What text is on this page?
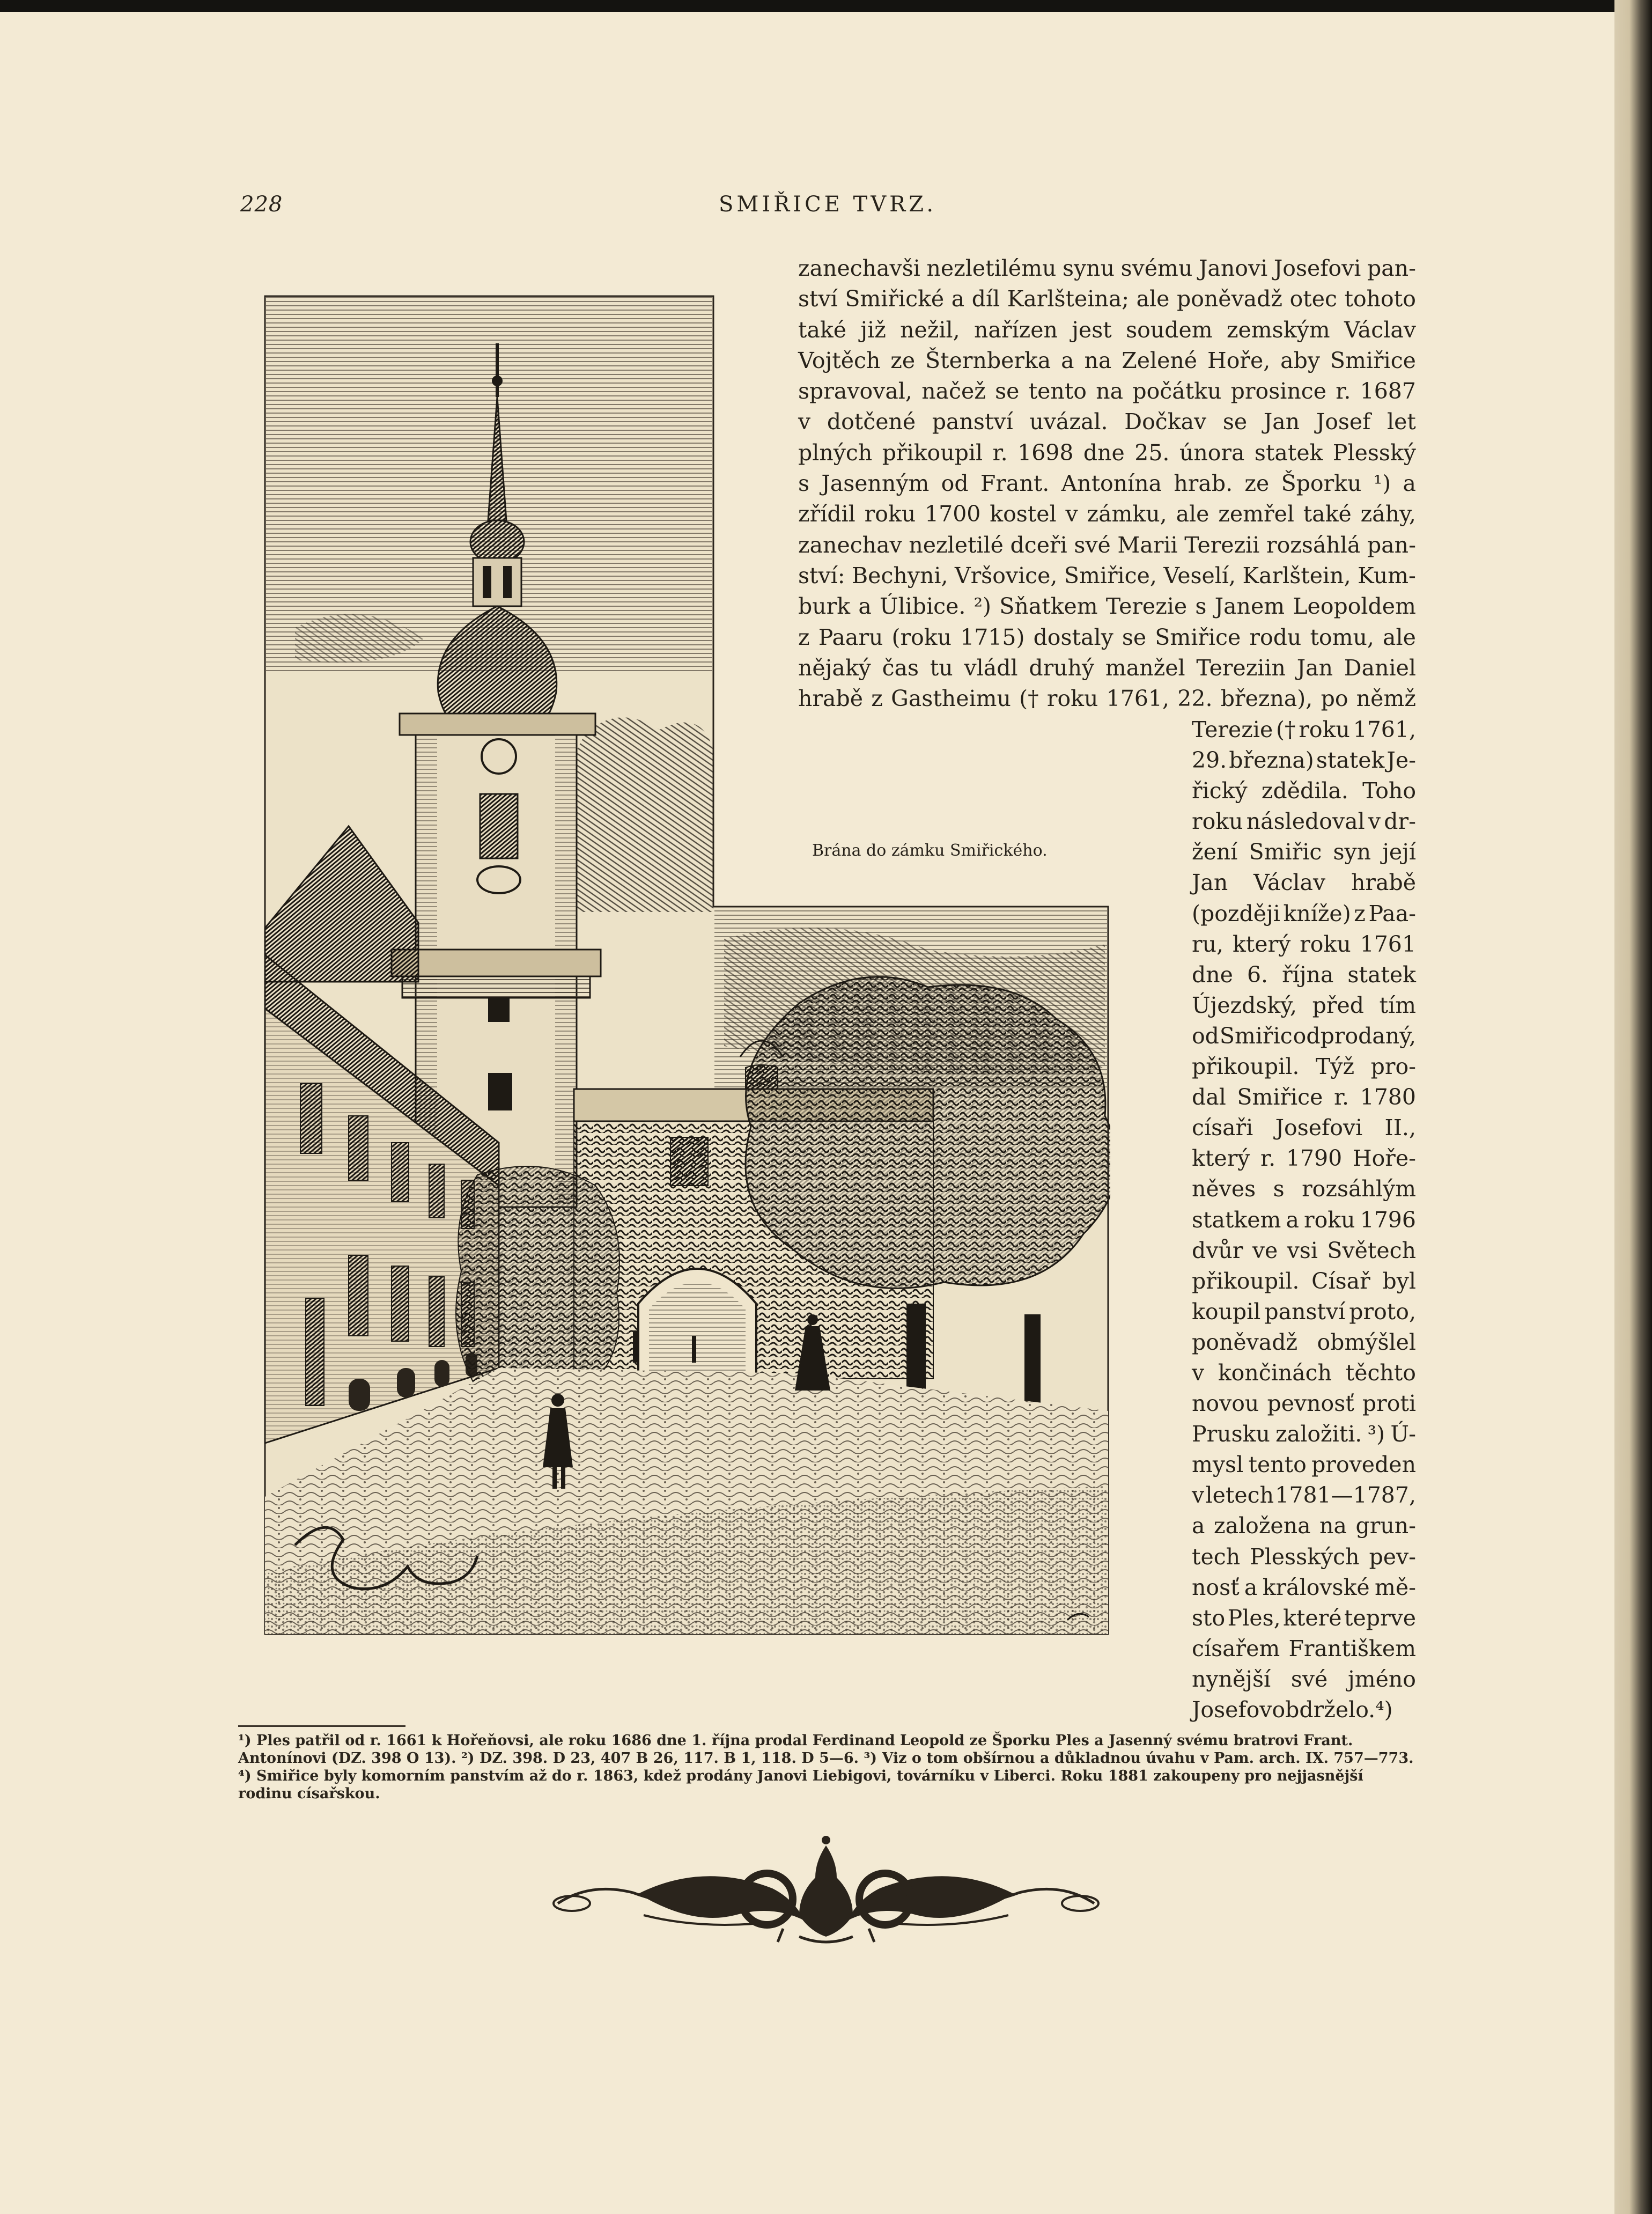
228	SMIŘICE TVRZ.
zanechavši nezletilému synu svému Janovi Josefovi pan-
ství Smiřické a díl Karlšteina; ale poněvadž otec tohoto
také již nežil, nařízen jest soudem zemským Václav
Vojtěch ze Šternberka a na Zelené Hoře, aby Smiřice
spravoval, načež se tento na počátku prosince r. 1687
v dotčené panství uvázal. Dočkav se Jan Josef let
plných přikoupil r. 1698 dne 25. února statek Plesský
s Jasenným od Frant. Antonína hrab. ze Šporku ¹) a
zřídil roku 1700 kostel v zámku, ale zemřel také záhy,
zanechav nezletilé dceři své Marii Terezii rozsáhlá pan-
ství: Bechyni, Vršovice, Smiřice, Veselí, Karlštein, Kum-
burk a Úlibice. ²) Sňatkem Terezie s Janem Leopoldem
z Paaru (roku 1715) dostaly se Smiřice rodu tomu, ale
nějaký čas tu vládl druhý manžel Tereziin Jan Daniel
hrabě z Gastheimu († roku 1761, 22. března), po němž
Terezie († roku 1761,
29. března) statek Je-
řický zdědila. Toho
roku následoval v dr-
žení Smiřic syn její
Jan Václav hrabě
(později kníže) z Paa-
ru, který roku 1761
dne 6. října statek
Újezdský, před tím
od Smiřic odprodaný,
přikoupil. Týž pro-
dal Smiřice r. 1780
císaři Josefovi II.,
který r. 1790 Hoře-
něves s rozsáhlým
statkem a roku 1796
dvůr ve vsi Světech
přikoupil. Císař byl
koupil panství proto,
poněvadž obmýšlel
v končinách těchto
novou pevnosť proti
Prusku založiti. ³) Ú-
mysl tento proveden
v letech 1781—1787,
a založena na grun-
tech Plesských pev-
nosť a královské mě-
sto Ples, které teprve
císařem Františkem
nynější své jméno
Josefov obdrželo. ⁴)
Brána do zámku Smiřického.
¹) Ples patřil od r. 1661 k Hořeňovsi, ale roku 1686 dne 1. října prodal Ferdinand Leopold ze Šporku Ples a Jasenný svému bratrovi Frant. Antonínovi (DZ. 398 O 13). ²) DZ. 398. D 23, 407 B 26, 117. B 1, 118. D 5—6. ³) Viz o tom obšírnou a důkladnou úvahu v Pam. arch. IX. 757—773. ⁴) Smiřice byly komorním panstvím až do r. 1863, kdež prodány Janovi Liebigovi, továrníku v Liberci. Roku 1881 zakoupeny pro nejjasnější rodinu císařskou.
